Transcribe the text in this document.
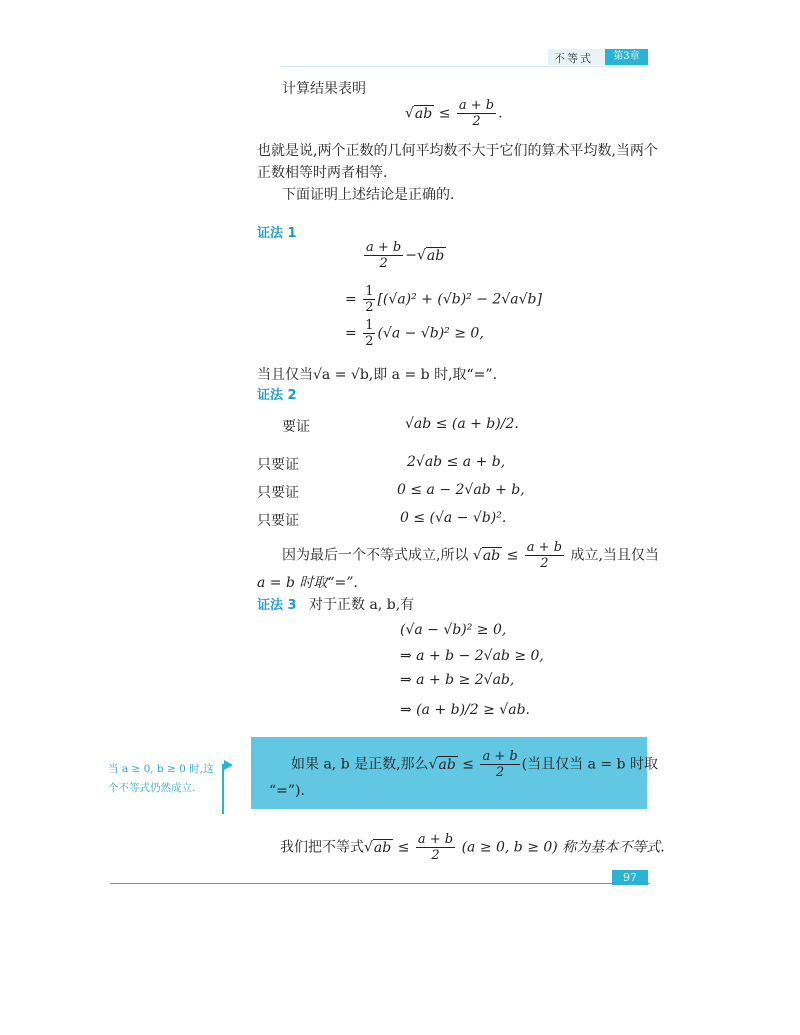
不等式	第3章
计算结果表明
$√ab \le \frac{a + b}{2}$ .
也就是说,两个正数的几何平均数不大于它们的算术平均数,当两个
正数相等时两者相等.
下面证明上述结论是正确的.
证法 1
$\frac{a + b}{2} -√ab$
= $\frac{1}{2} [(√a)^2 + (√b)^2 - 2√a√b]$
= $\frac{1}{2} (√a - √b)^2 \ge 0$,
当且仅当√a = √b,即 a = b 时,取“=”.
证法 2
要证	√ab ≤ (a + b)/2.
只要证	2√ab ≤ a + b,
只要证	0 ≤ a − 2√ab + b,
只要证	0 ≤ (√a − √b)².
因为最后一个不等式成立,所以 $√ab \le \frac{a + b}{2}$ 成立,当且仅当
a = b 时取“=”.
证法 3 对于正数 a, b,有
(√a − √b)² ≥ 0,
⇒ a + b − 2√ab ≥ 0,
⇒ a + b ≥ 2√ab,
⇒ (a + b)/2 ≥ √ab.
如果 a, b 是正数,那么$√ab \le \frac{a + b}{2}$ (当且仅当 a = b 时取
“=”).
当 a ≥ 0, b ≥ 0 时,这个不等式仍然成立.
我们把不等式$√ab \le \frac{a + b}{2} (a \ge 0$, b ≥ 0) 称为基本不等式.
97
